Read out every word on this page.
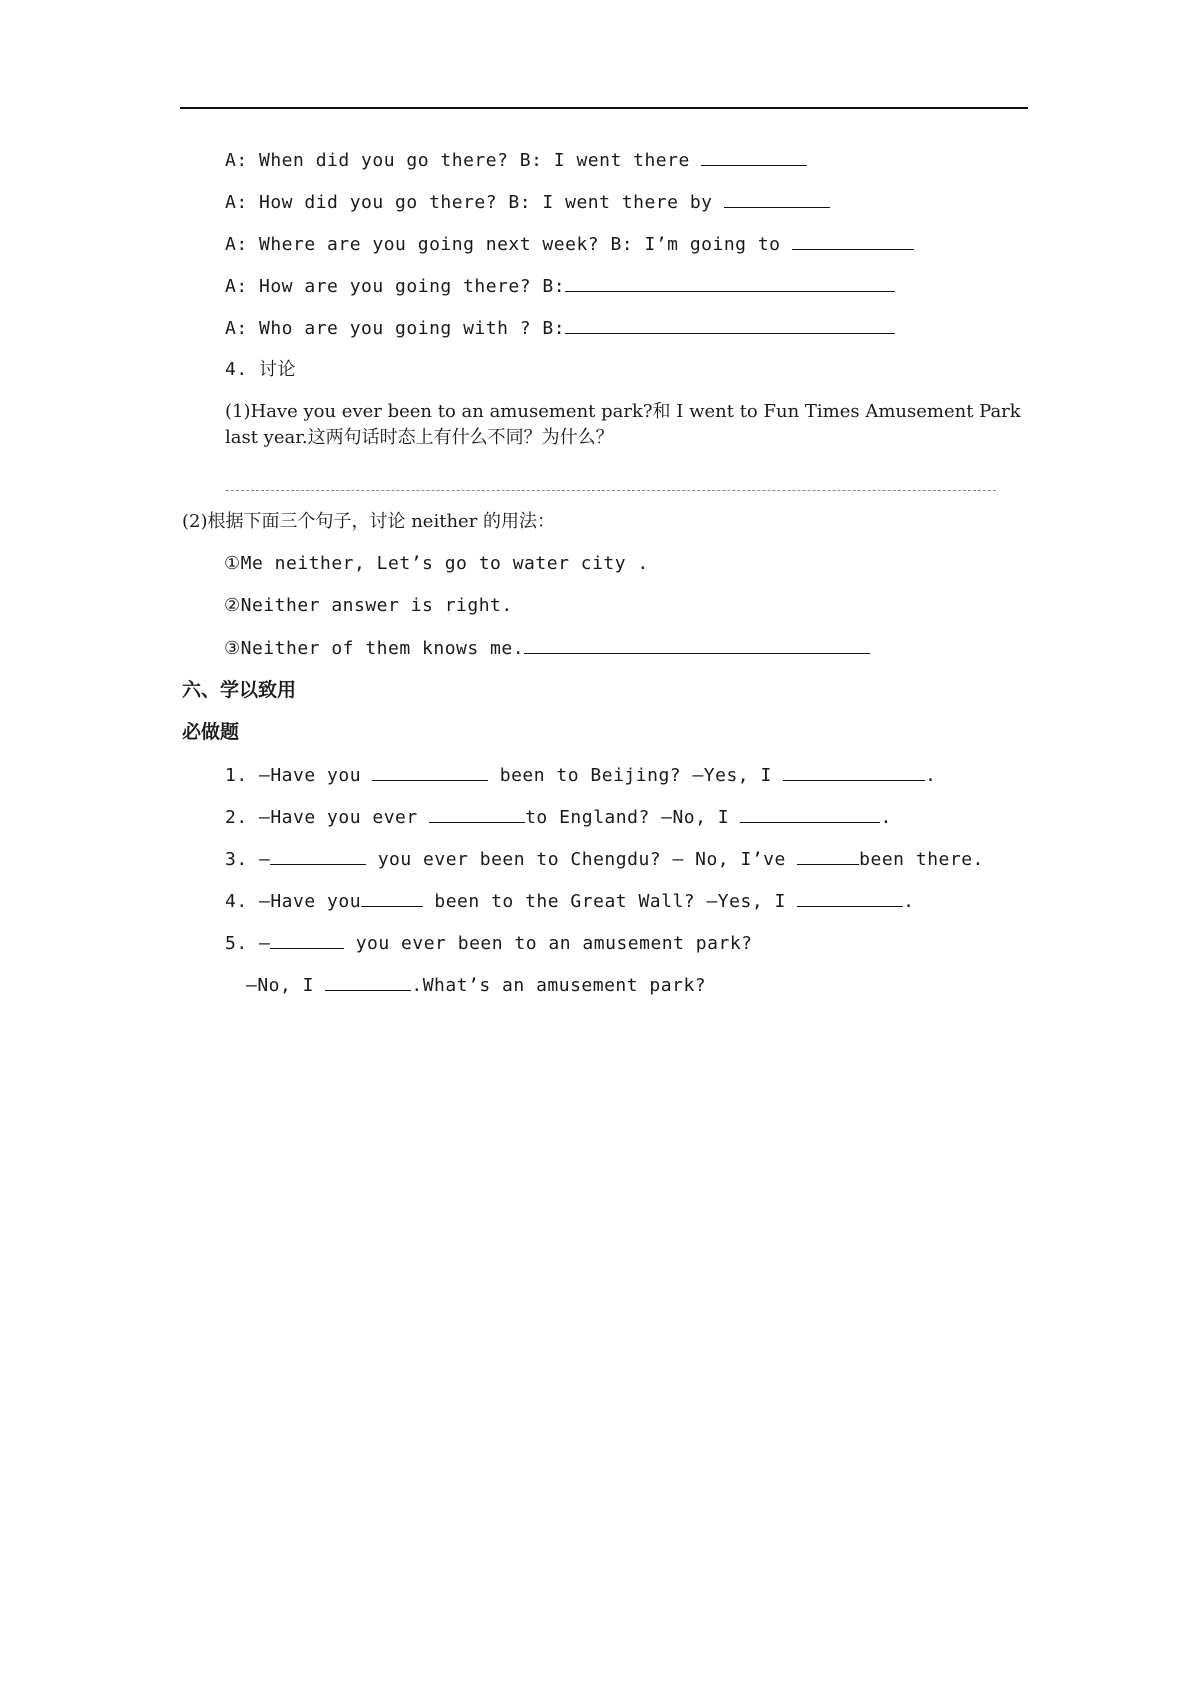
A: When did you go there? B: I went there
A: How did you go there? B: I went there by
A: Where are you going next week? B: I’m going to
A: How are you going there? B:
A: Who are you going with ? B:
4. 讨论
(1)Have you ever been to an amusement park?和 I went to Fun Times Amusement Park
last year.这两句话时态上有什么不同？为什么？
(2)根据下面三个句子，讨论 neither 的用法：
①Me neither, Let’s go to water city .
②Neither answer is right.
③Neither of them knows me.
六、学以致用
必做题
1. —Have you	been to Beijing? —Yes, I	.
2. —Have you ever	to England? —No, I	.
3. —	you ever been to Chengdu? — No, I’ve	been there.
4. —Have you	been to the Great Wall? —Yes, I	.
5. —	you ever been to an amusement park?
—No, I	.What’s an amusement park?
